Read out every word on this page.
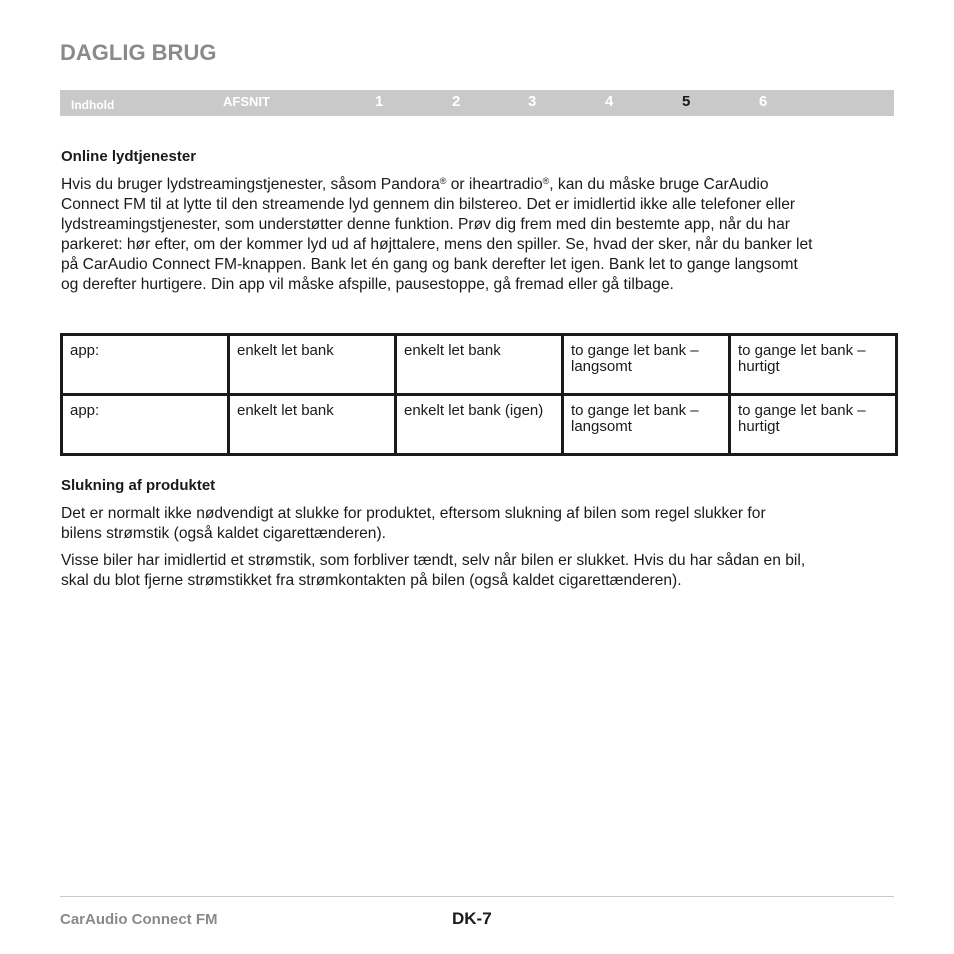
DAGLIG BRUG
Indhold	AFSNIT	1	2	3	4	5	6
Online lydtjenester
Hvis du bruger lydstreamingstjenester, såsom Pandora® or iheartradio®, kan du måske bruge CarAudio
Connect FM til at lytte til den streamende lyd gennem din bilstereo. Det er imidlertid ikke alle telefoner eller
lydstreamingstjenester, som understøtter denne funktion. Prøv dig frem med din bestemte app, når du har
parkeret: hør efter, om der kommer lyd ud af højttalere, mens den spiller. Se, hvad der sker, når du banker let
på CarAudio Connect FM-knappen. Bank let én gang og bank derefter let igen. Bank let to gange langsomt
og derefter hurtigere. Din app vil måske afspille, pausestoppe, gå fremad eller gå tilbage.
app:	enkelt let bank	enkelt let bank	to gange let bank – langsomt	to gange let bank – hurtigt
app:	enkelt let bank	enkelt let bank (igen)	to gange let bank – langsomt	to gange let bank – hurtigt
Slukning af produktet
Det er normalt ikke nødvendigt at slukke for produktet, eftersom slukning af bilen som regel slukker for
bilens strømstik (også kaldet cigarettænderen).
Visse biler har imidlertid et strømstik, som forbliver tændt, selv når bilen er slukket. Hvis du har sådan en bil,
skal du blot fjerne strømstikket fra strømkontakten på bilen (også kaldet cigarettænderen).
CarAudio Connect FM	DK-7
